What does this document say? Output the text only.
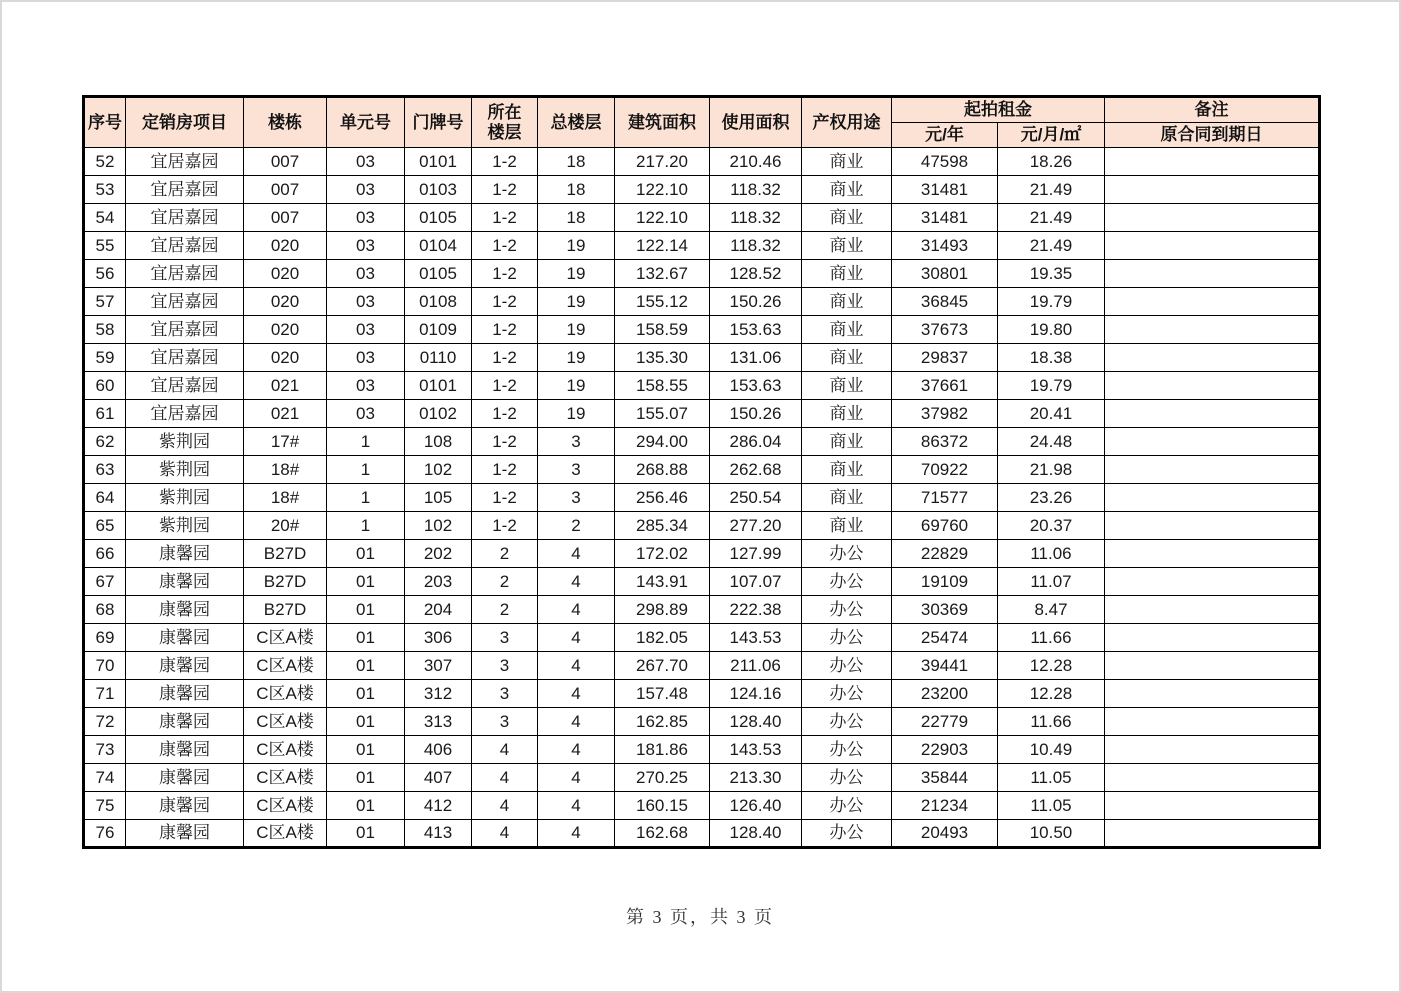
序号	定销房项目	楼栋	单元号	门牌号	所在楼层	总楼层	建筑面积	使用面积	产权用途	起拍租金		备注
										元/年	元/月/㎡	原合同到期日
52	宜居嘉园	007	03	0101	1-2	18	217.20	210.46	商业	47598	18.26	
53	宜居嘉园	007	03	0103	1-2	18	122.10	118.32	商业	31481	21.49	
54	宜居嘉园	007	03	0105	1-2	18	122.10	118.32	商业	31481	21.49	
55	宜居嘉园	020	03	0104	1-2	19	122.14	118.32	商业	31493	21.49	
56	宜居嘉园	020	03	0105	1-2	19	132.67	128.52	商业	30801	19.35	
57	宜居嘉园	020	03	0108	1-2	19	155.12	150.26	商业	36845	19.79	
58	宜居嘉园	020	03	0109	1-2	19	158.59	153.63	商业	37673	19.80	
59	宜居嘉园	020	03	0110	1-2	19	135.30	131.06	商业	29837	18.38	
60	宜居嘉园	021	03	0101	1-2	19	158.55	153.63	商业	37661	19.79	
61	宜居嘉园	021	03	0102	1-2	19	155.07	150.26	商业	37982	20.41	
62	紫荆园	17#	1	108	1-2	3	294.00	286.04	商业	86372	24.48	
63	紫荆园	18#	1	102	1-2	3	268.88	262.68	商业	70922	21.98	
64	紫荆园	18#	1	105	1-2	3	256.46	250.54	商业	71577	23.26	
65	紫荆园	20#	1	102	1-2	2	285.34	277.20	商业	69760	20.37	
66	康馨园	B27D	01	202	2	4	172.02	127.99	办公	22829	11.06	
67	康馨园	B27D	01	203	2	4	143.91	107.07	办公	19109	11.07	
68	康馨园	B27D	01	204	2	4	298.89	222.38	办公	30369	8.47	
69	康馨园	C区A楼	01	306	3	4	182.05	143.53	办公	25474	11.66	
70	康馨园	C区A楼	01	307	3	4	267.70	211.06	办公	39441	12.28	
71	康馨园	C区A楼	01	312	3	4	157.48	124.16	办公	23200	12.28	
72	康馨园	C区A楼	01	313	3	4	162.85	128.40	办公	22779	11.66	
73	康馨园	C区A楼	01	406	4	4	181.86	143.53	办公	22903	10.49	
74	康馨园	C区A楼	01	407	4	4	270.25	213.30	办公	35844	11.05	
75	康馨园	C区A楼	01	412	4	4	160.15	126.40	办公	21234	11.05	
76	康馨园	C区A楼	01	413	4	4	162.68	128.40	办公	20493	10.50	
第 3 页，共 3 页
